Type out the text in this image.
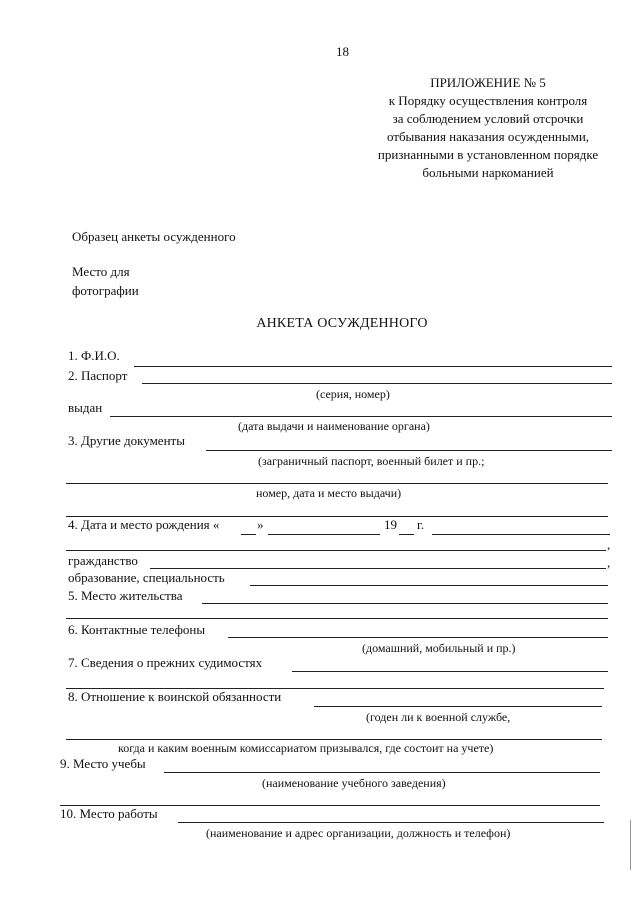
18
ПРИЛОЖЕНИЕ № 5
к Порядку осуществления контроля
за соблюдением условий отсрочки
отбывания наказания осужденными,
признанными в установленном порядке
больными наркоманией
Образец анкеты осужденного
Место для
фотографии
АНКЕТА ОСУЖДЕННОГО
1. Ф.И.О.
2. Паспорт
(серия, номер)
выдан
(дата выдачи и наименование органа)
3. Другие документы
(заграничный паспорт, военный билет и пр.;
номер, дата и место выдачи)
4. Дата и место рождения «	»	19 г.
,
гражданство	,
образование, специальность
5. Место жительства
6. Контактные телефоны
(домашний, мобильный и пр.)
7. Сведения о прежних судимостях
8. Отношение к воинской обязанности
(годен ли к военной службе,
когда и каким военным комиссариатом призывался, где состоит на учете)
9. Место учебы
(наименование учебного заведения)
10. Место работы
(наименование и адрес организации, должность и телефон)
